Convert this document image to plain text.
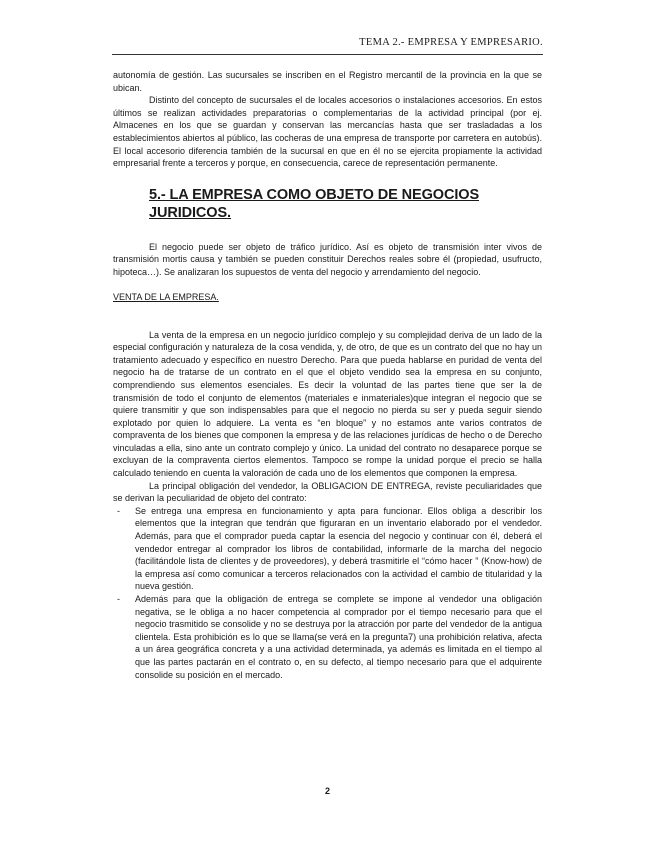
TEMA 2.- EMPRESA Y EMPRESARIO.

autonomía de gestión. Las sucursales se inscriben en el Registro mercantil de la provincia en la que se ubican.

Distinto del concepto de sucursales el de locales accesorios o instalaciones accesorios. En estos últimos se realizan actividades preparatorias o complementarias de la actividad principal (por ej. Almacenes en los que se guardan y conservan las mercancías hasta que ser trasladadas a los establecimientos abiertos al público, las cocheras de una empresa de transporte por carretera en autobús). El local accesorio diferencia también de la sucursal en que en él no se ejercita propiamente la actividad empresarial frente a terceros y porque, en consecuencia, carece de representación permanente.

5.- LA EMPRESA COMO OBJETO DE NEGOCIOS JURIDICOS.

El negocio puede ser objeto de tráfico jurídico. Así es objeto de transmisión inter vivos de transmisión mortis causa y también se pueden constituir Derechos reales sobre él (propiedad, usufructo, hipoteca…). Se analizaran los supuestos de venta del negocio y arrendamiento del negocio.

VENTA DE LA EMPRESA.

La venta de la empresa en un negocio jurídico complejo y su complejidad deriva de un lado de la especial configuración y naturaleza de la cosa vendida, y, de otro, de que es un contrato del que no hay un tratamiento adecuado y específico en nuestro Derecho. Para que pueda hablarse en puridad de venta del negocio ha de tratarse de un contrato en el que el objeto vendido sea la empresa en su conjunto, comprendiendo sus elementos esenciales. Es decir la voluntad de las partes tiene que ser la de transmisión de todo el conjunto de elementos (materiales e inmateriales)que integran el negocio que se quiere transmitir y que son indispensables para que el negocio no pierda su ser y pueda seguir siendo explotado por quien lo adquiere. La venta es “en bloque” y no estamos ante varios contratos de compraventa de los bienes que componen la empresa y de las relaciones jurídicas de hecho o de Derecho vinculadas a ella, sino ante un contrato complejo y único. La unidad del contrato no desaparece porque se excluyan de la compraventa ciertos elementos. Tampoco se rompe la unidad porque el precio se halla calculado teniendo en cuenta la valoración de cada uno de los elementos que componen la empresa.

La principal obligación del vendedor, la OBLIGACION DE ENTREGA, reviste peculiaridades que se derivan la peculiaridad de objeto del contrato:

- Se entrega una empresa en funcionamiento y apta para funcionar. Ellos obliga a describir los elementos que la integran que tendrán que figuraran en un inventario elaborado por el vendedor. Además, para que el comprador pueda captar la esencia del negocio y continuar con él, deberá el vendedor entregar al comprador los libros de contabilidad, informarle de la marcha del negocio (facilitándole lista de clientes y de proveedores), y deberá trasmitirle el “cómo hacer ” (Know-how) de la empresa así como comunicar a terceros relacionados con la actividad el cambio de titularidad y la nueva gestión.
- Además para que la obligación de entrega se complete se impone al vendedor una obligación negativa, se le obliga a no hacer competencia al comprador por el tiempo necesario para que el negocio trasmitido se consolide y no se destruya por la atracción por parte del vendedor de la antigua clientela. Esta prohibición es lo que se llama(se verá en la pregunta7) una prohibición relativa, afecta a un área geográfica concreta y a una actividad determinada, ya además es limitada en el tiempo al que las partes pactarán en el contrato o, en su defecto, al tiempo necesario para que el adquirente consolide su posición en el mercado.
2
